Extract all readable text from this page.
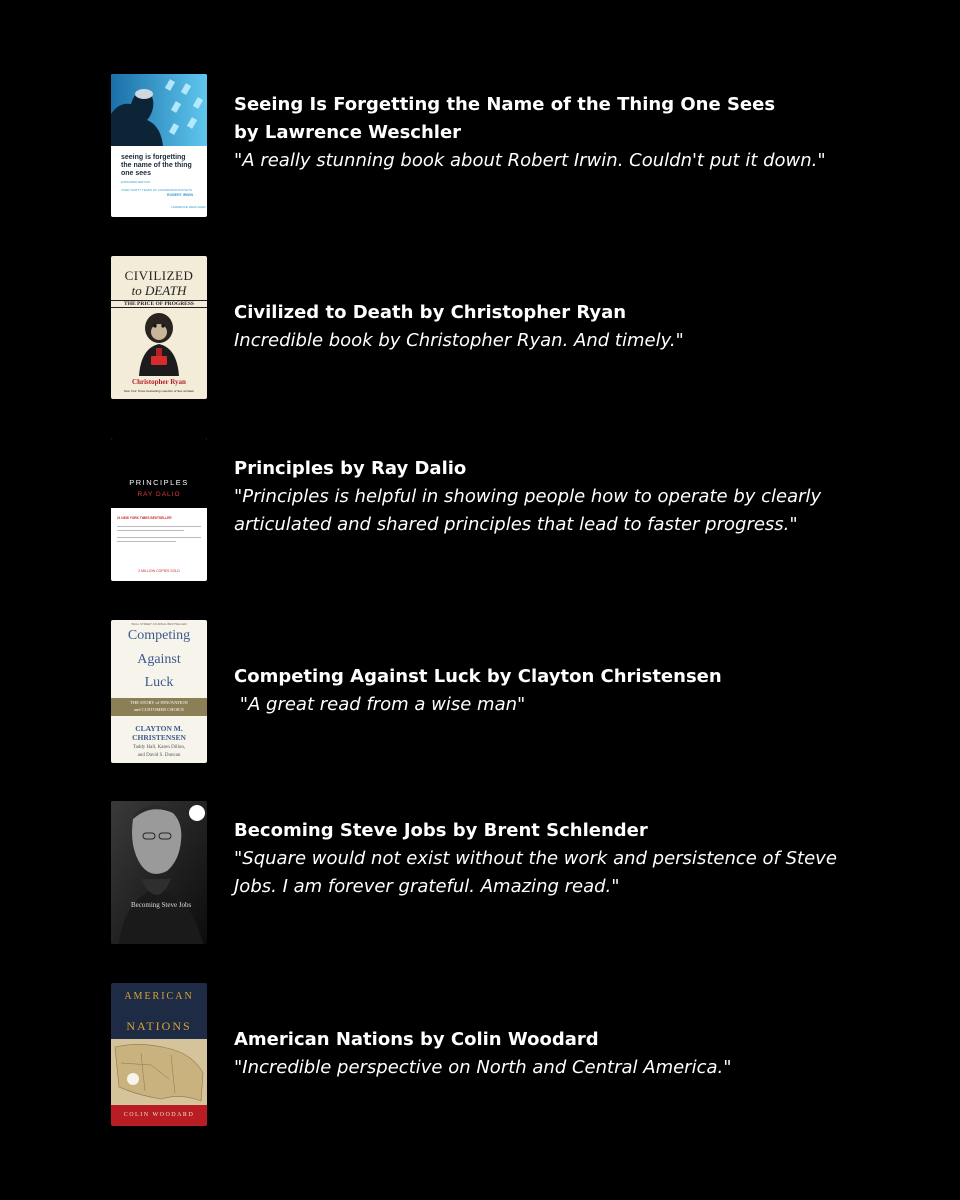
seeing is forgetting
the name of the thing
one sees
EXPANDED EDITION
OVER THIRTY YEARS OF CONVERSATIONS WITH
ROBERT IRWIN
LAWRENCE WESCHLER

Seeing Is Forgetting the Name of the Thing One Sees

by Lawrence Weschler

"A really stunning book about Robert Irwin. Couldn't put it down."

CIVILIZED
to DEATH
THE PRICE OF PROGRESS
Christopher Ryan
New York Times bestselling coauthor of Sex at Dawn

Civilized to Death by Christopher Ryan

Incredible book by Christopher Ryan. And timely."

PRINCIPLES
RAY DALIO
#1 NEW YORK TIMES BESTSELLER
2 MILLION COPIES SOLD

Principles by Ray Dalio

"Principles is helpful in showing people how to operate by clearly articulated and shared principles that lead to faster progress."

WALL STREET JOURNAL BESTSELLER
Competing
Against
Luck
THE STORY of INNOVATION
and CUSTOMER CHOICE
CLAYTON M.
CHRISTENSEN
Taddy Hall, Karen Dillon,
and David S. Duncan

Competing Against Luck by Clayton Christensen

"A great read from a wise man"

Becoming Steve Jobs

Becoming Steve Jobs by Brent Schlender

"Square would not exist without the work and persistence of Steve Jobs. I am forever grateful. Amazing read."

AMERICAN
NATIONS
COLIN WOODARD

American Nations by Colin Woodard

"Incredible perspective on North and Central America."
